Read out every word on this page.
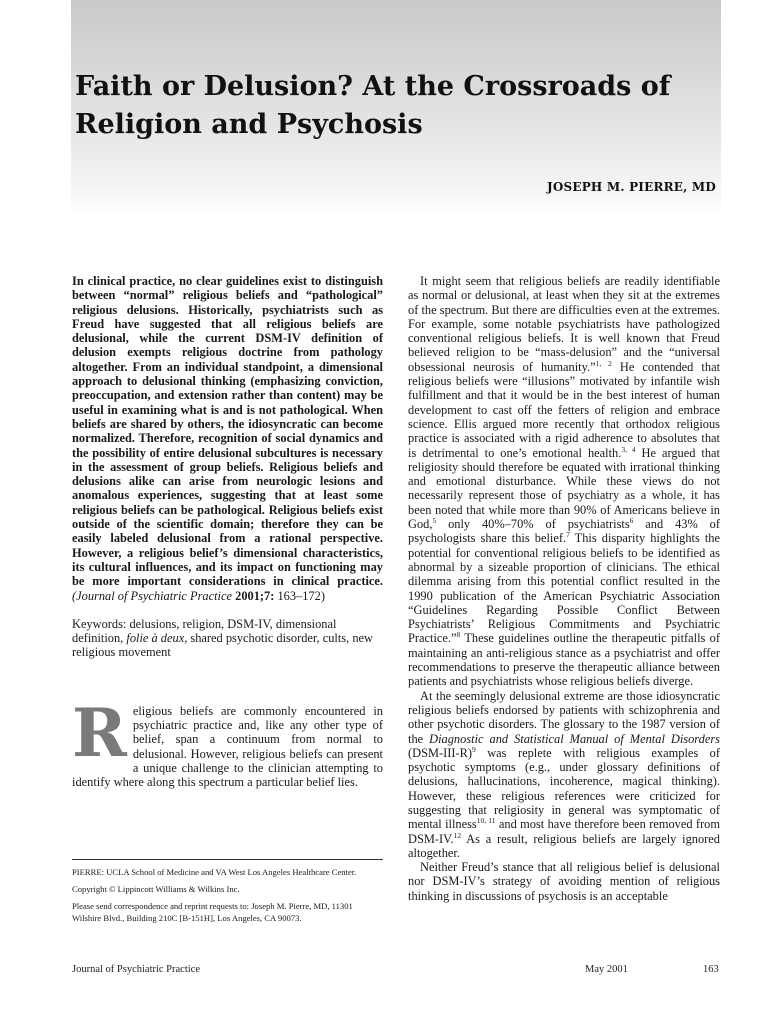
Faith or Delusion? At the Crossroads of Religion and Psychosis
JOSEPH M. PIERRE, MD

In clinical practice, no clear guidelines exist to distinguish between “normal” religious beliefs and “pathological” religious delusions. Historically, psychiatrists such as Freud have suggested that all religious beliefs are delusional, while the current DSM-IV definition of delusion exempts religious doctrine from pathology altogether. From an individual standpoint, a dimensional approach to delusional thinking (emphasizing conviction, preoccupation, and extension rather than content) may be useful in examining what is and is not pathological. When beliefs are shared by others, the idiosyncratic can become normalized. Therefore, recognition of social dynamics and the possibility of entire delusional subcultures is necessary in the assessment of group beliefs. Religious beliefs and delusions alike can arise from neurologic lesions and anomalous experiences, suggesting that at least some religious beliefs can be pathological. Religious beliefs exist outside of the scientific domain; therefore they can be easily labeled delusional from a rational perspective. However, a religious belief’s dimensional characteristics, its cultural influences, and its impact on functioning may be more important considerations in clinical practice. (Journal of Psychiatric Practice 2001;7: 163–172)

Keywords: delusions, religion, DSM-IV, dimensional definition, folie à deux, shared psychotic disorder, cults, new religious movement

Religious beliefs are commonly encountered in psychiatric practice and, like any other type of belief, span a continuum from normal to delusional. However, religious beliefs can present a unique challenge to the clinician attempting to identify where along this spectrum a particular belief lies.

PIERRE: UCLA School of Medicine and VA West Los Angeles Healthcare Center.

Copyright © Lippincott Williams & Wilkins Inc.

Please send correspondence and reprint requests to: Joseph M. Pierre, MD, 11301 Wilshire Blvd., Building 210C [B-151H], Los Angeles, CA 90073.

It might seem that religious beliefs are readily identifiable as normal or delusional, at least when they sit at the extremes of the spectrum. But there are difficulties even at the extremes. For example, some notable psychiatrists have pathologized conventional religious beliefs. It is well known that Freud believed religion to be “mass-delusion” and the “universal obsessional neurosis of humanity.”$^{1, 2}$ He contended that religious beliefs were “illusions” motivated by infantile wish fulfillment and that it would be in the best interest of human development to cast off the fetters of religion and embrace science. Ellis argued more recently that orthodox religious practice is associated with a rigid adherence to absolutes that is detrimental to one’s emotional health.$^{3, 4}$ He argued that religiosity should therefore be equated with irrational thinking and emotional disturbance. While these views do not necessarily represent those of psychiatry as a whole, it has been noted that while more than 90% of Americans believe in God,$^5$ only 40%–70% of psychiatrists$^6$ and 43% of psychologists share this belief.$^7$ This disparity highlights the potential for conventional religious beliefs to be identified as abnormal by a sizeable proportion of clinicians. The ethical dilemma arising from this potential conflict resulted in the 1990 publication of the American Psychiatric Association “Guidelines Regarding Possible Conflict Between Psychiatrists’ Religious Commitments and Psychiatric Practice.”$^8$ These guidelines outline the therapeutic pitfalls of maintaining an anti-religious stance as a psychiatrist and offer recommendations to preserve the therapeutic alliance between patients and psychiatrists whose religious beliefs diverge.

At the seemingly delusional extreme are those idiosyncratic religious beliefs endorsed by patients with schizophrenia and other psychotic disorders. The glossary to the 1987 version of the Diagnostic and Statistical Manual of Mental Disorders $(DSM-III-R)^9$ was replete with religious examples of psychotic symptoms (e.g., under glossary definitions of delusions, hallucinations, incoherence, magical thinking). However, these religious references were criticized for suggesting that religiosity in general was symptomatic of mental illness$^{10, 11}$ and most have therefore been removed from DSM-IV.$^{12}$ As a result, religious beliefs are largely ignored altogether.

Neither Freud’s stance that all religious belief is delusional nor DSM-IV’s strategy of avoiding mention of religious thinking in discussions of psychosis is an acceptable

Journal of Psychiatric Practice	May 2001	163
